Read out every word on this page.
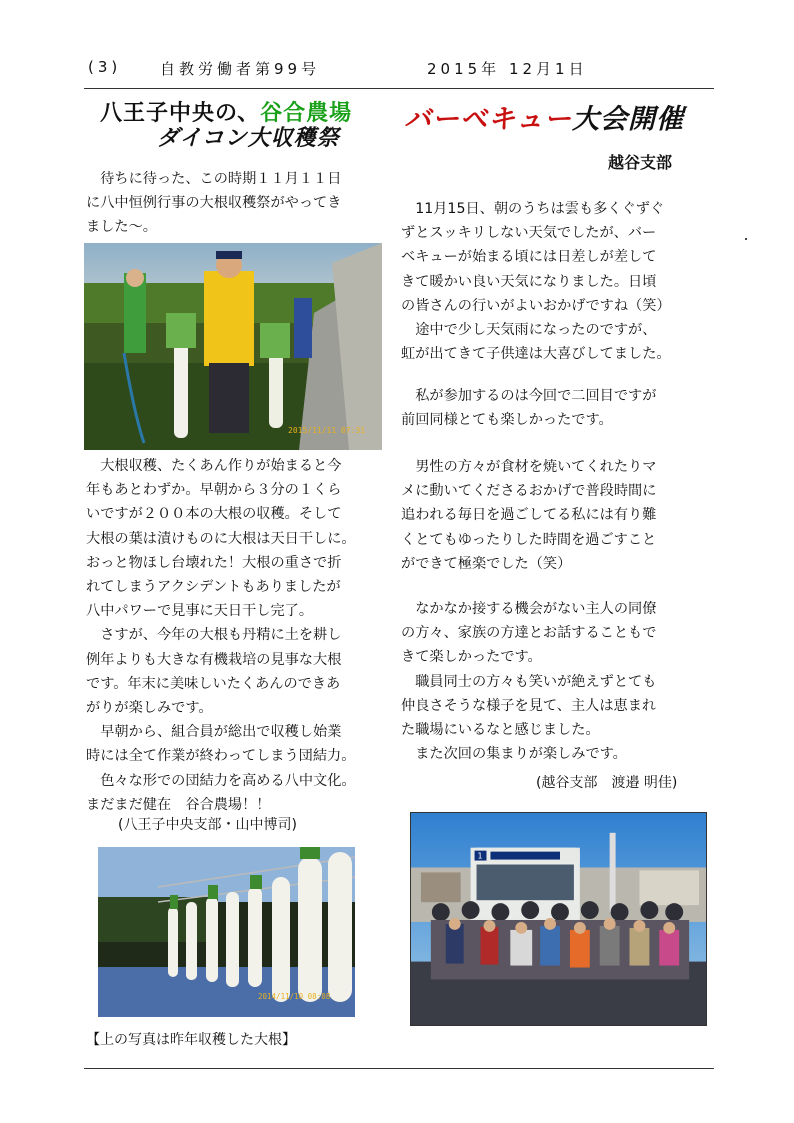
(3)	自教労働者第99号	2015年 12月1日
八王子中央の、谷合農場
ダイコン大収穫祭
　待ちに待った、この時期１１月１１日
に八中恒例行事の大根収穫祭がやってき
ました～。
2015/11/11 07:31
　大根収穫、たくあん作りが始まると今
年もあとわずか。早朝から３分の１くら
いですが２００本の大根の収穫。そして
大根の葉は漬けものに大根は天日干しに。
おっと物ほし台壊れた！大根の重さで折
れてしまうアクシデントもありましたが
八中パワーで見事に天日干し完了。
　さすが、今年の大根も丹精に土を耕し
例年よりも大きな有機栽培の見事な大根
です。年末に美味しいたくあんのできあ
がりが楽しみです。
　早朝から、組合員が総出で収穫し始業
時には全て作業が終わってしまう団結力。
　色々な形での団結力を高める八中文化。
まだまだ健在　谷合農場！！
(八王子中央支部・山中博司)
2014/11/10 08:08
【上の写真は昨年収穫した大根】
バーベキュー大会開催
越谷支部
　11月15日、朝のうちは雲も多くぐずぐ
ずとスッキリしない天気でしたが、バー
ベキューが始まる頃には日差しが差して
きて暖かい良い天気になりました。日頃
の皆さんの行いがよいおかげですね（笑）
　途中で少し天気雨になったのですが、
虹が出てきて子供達は大喜びしてました。
　私が参加するのは今回で二回目ですが
前回同様とても楽しかったです。
　男性の方々が食材を焼いてくれたりマ
メに動いてくださるおかげで普段時間に
追われる毎日を過ごしてる私には有り難
くとてもゆったりした時間を過ごすこと
ができて極楽でした（笑）
　なかなか接する機会がない主人の同僚
の方々、家族の方達とお話することもで
きて楽しかったです。
　職員同士の方々も笑いが絶えずとても
仲良さそうな様子を見て、主人は恵まれ
た職場にいるなと感じました。
　また次回の集まりが楽しみです。
(越谷支部　渡邉 明佳)
1
